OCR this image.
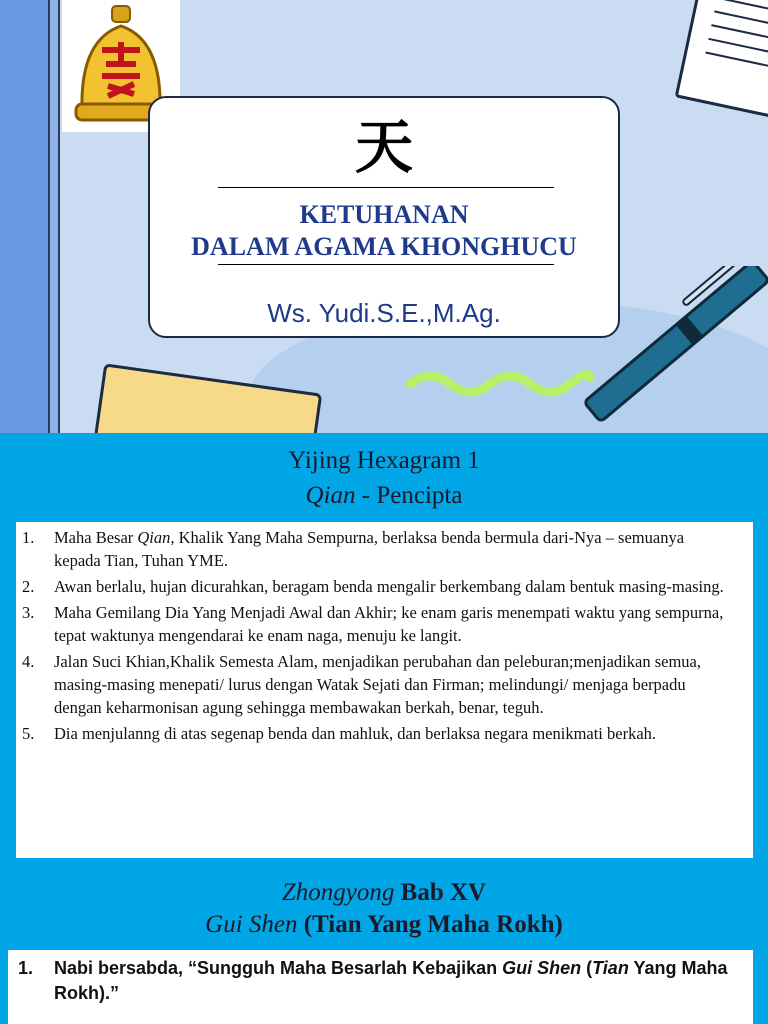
天
KETUHANAN
DALAM AGAMA KHONGHUCU
Ws. Yudi.S.E.,M.Ag.
Yijing Hexagram 1
Qian - Pencipta
1. Maha Besar Qian, Khalik Yang Maha Sempurna, berlaksa benda bermula dari-Nya – semuanya kepada Tian, Tuhan YME.
2. Awan berlalu, hujan dicurahkan, beragam benda mengalir berkembang dalam bentuk masing-masing.
3. Maha Gemilang Dia Yang Menjadi Awal dan Akhir; ke enam garis menempati waktu yang sempurna, tepat waktunya mengendarai ke enam naga, menuju ke langit.
4. Jalan Suci Khian,Khalik Semesta Alam, menjadikan perubahan dan peleburan;menjadikan semua, masing-masing menepati/ lurus dengan Watak Sejati dan Firman; melindungi/ menjaga berpadu dengan keharmonisan agung sehingga membawakan berkah, benar, teguh.
5. Dia menjulanng di atas segenap benda dan mahluk, dan berlaksa negara menikmati berkah.
Zhongyong Bab XV
Gui Shen (Tian Yang Maha Rokh)
1. Nabi bersabda, “Sungguh Maha Besarlah Kebajikan Gui Shen (Tian Yang Maha Rokh).”
